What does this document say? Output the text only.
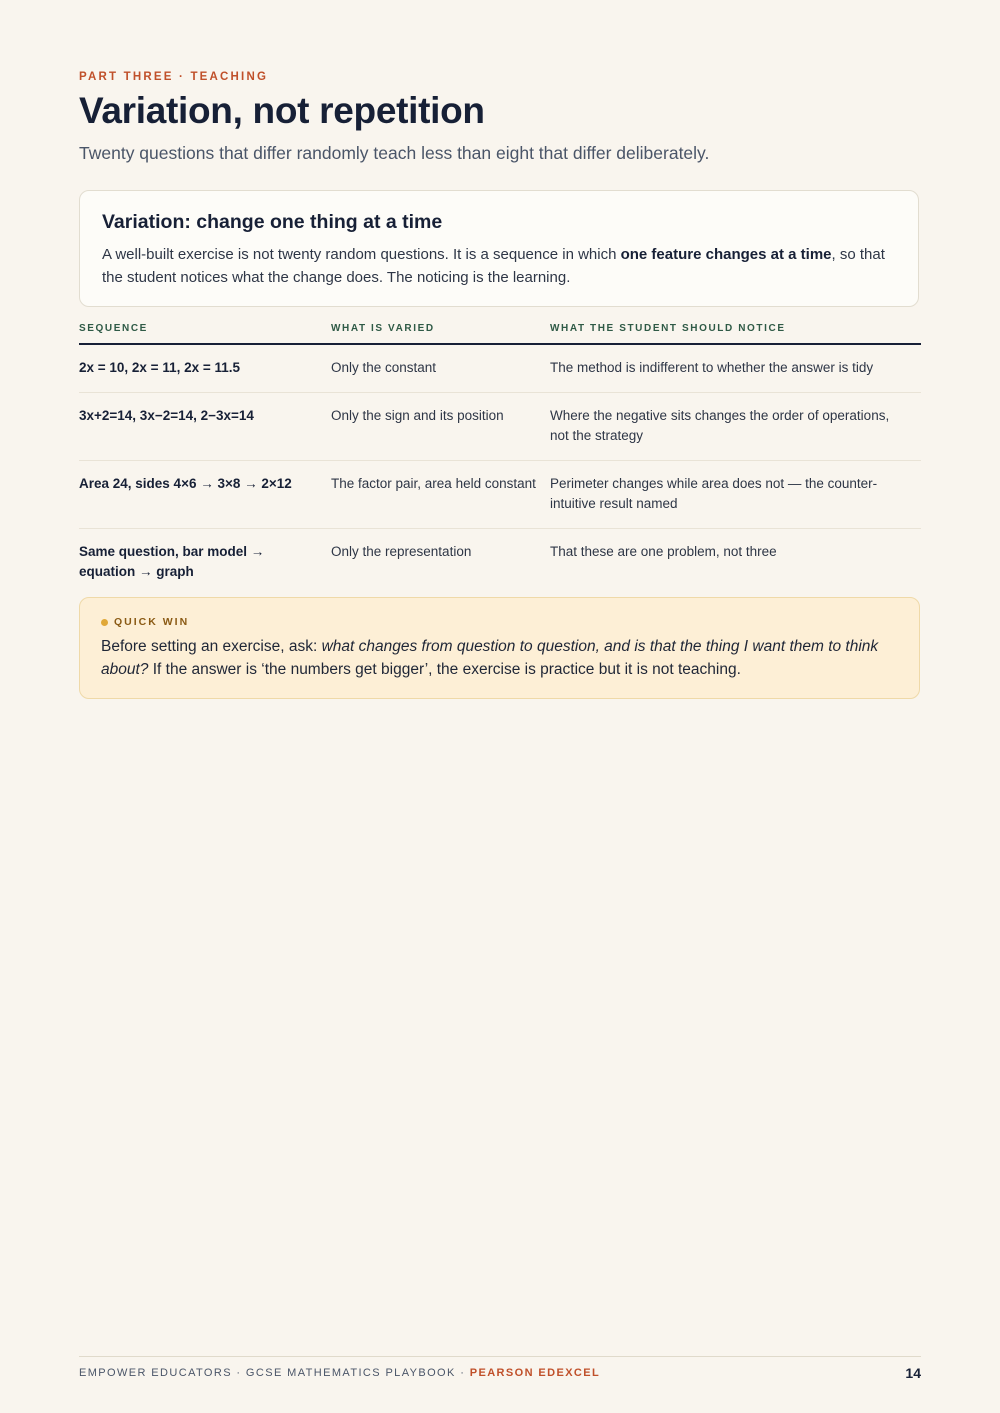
PART THREE · TEACHING
Variation, not repetition

Twenty questions that differ randomly teach less than eight that differ deliberately.

Variation: change one thing at a time

A well-built exercise is not twenty random questions. It is a sequence in which one feature changes at a time, so that the student notices what the change does. The noticing is the learning.

SEQUENCE	WHAT IS VARIED	WHAT THE STUDENT SHOULD NOTICE
2x = 10, 2x = 11, 2x = 11.5	Only the constant	The method is indifferent to whether the answer is tidy
3x+2=14, 3x−2=14, 2−3x=14	Only the sign and its position	Where the negative sits changes the order of operations, not the strategy
Area 24, sides 4×6 → 3×8 → 2×12	The factor pair, area held constant	Perimeter changes while area does not — the counter-intuitive result named
Same question, bar model → equation → graph	Only the representation	That these are one problem, not three
QUICK WIN

Before setting an exercise, ask: what changes from question to question, and is that the thing I want them to think about? If the answer is ‘the numbers get bigger’, the exercise is practice but it is not teaching.

EMPOWER EDUCATORS · GCSE MATHEMATICS PLAYBOOK · PEARSON EDEXCEL	14
